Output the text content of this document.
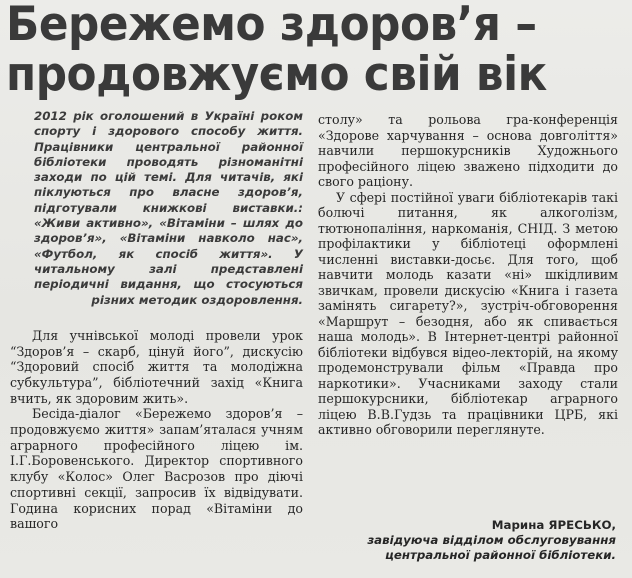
Бережемо здоров’я –
продовжуємо свій вік

2012 рік оголошений в Україні роком спорту і здорового способу життя. Працівники центральної районної бібліотеки проводять різноманітні заходи по цій темі. Для читачів, які піклуються про власне здоров’я, підготували книжкові виставки.: «Живи активно», «Вітаміни – шлях до здоров’я», «Вітаміни навколо нас», «Футбол, як спосіб життя». У читальному залі представлені періодичні видання, що стосуються різних методик оздоровлення.

Для учнівської молоді провели урок “Здоров’я – скарб, цінуй його”, дискусію “Здоровий спосіб життя та молодіжна субкультура”, бібліотечний захід «Книга вчить, як здоровим жить».

Бесіда-діалог «Бережемо здоров’я – продовжуємо життя» запам’яталася учням аграрного професійного ліцею ім. І.Г.Боровенського. Директор спортивного клубу «Колос» Олег Васрозов про діючі спортивні секції, запросив їх відвідувати. Година корисних порад «Вітаміни до вашого

столу» та рольова гра-конференція «Здорове харчування – основа довголіття» навчили першокурсників Художнього професійного ліцею зважено підходити до свого раціону.

У сфері постійної уваги бібліотекарів такі болючі питання, як алкоголізм, тютюнопаління, наркоманія, СНІД. З метою профілактики у бібліотеці оформлені численні виставки-досьє. Для того, щоб навчити молодь казати «ні» шкідливим звичкам, провели дискусію «Книга і газета замінять сигарету?», зустріч-обговорення «Маршрут – безодня, або як спивається наша молодь». В Інтернет-центрі районної бібліотеки відбувся відео-лекторій, на якому продемонстрували фільм «Правда про наркотики». Учасниками заходу стали першокурсники, бібліотекар аграрного ліцею В.В.Гудзь та працівники ЦРБ, які активно обговорили переглянуте.

Марина ЯРЕСЬКО,
завідуюча відділом обслуговування
центральної районної бібліотеки.
